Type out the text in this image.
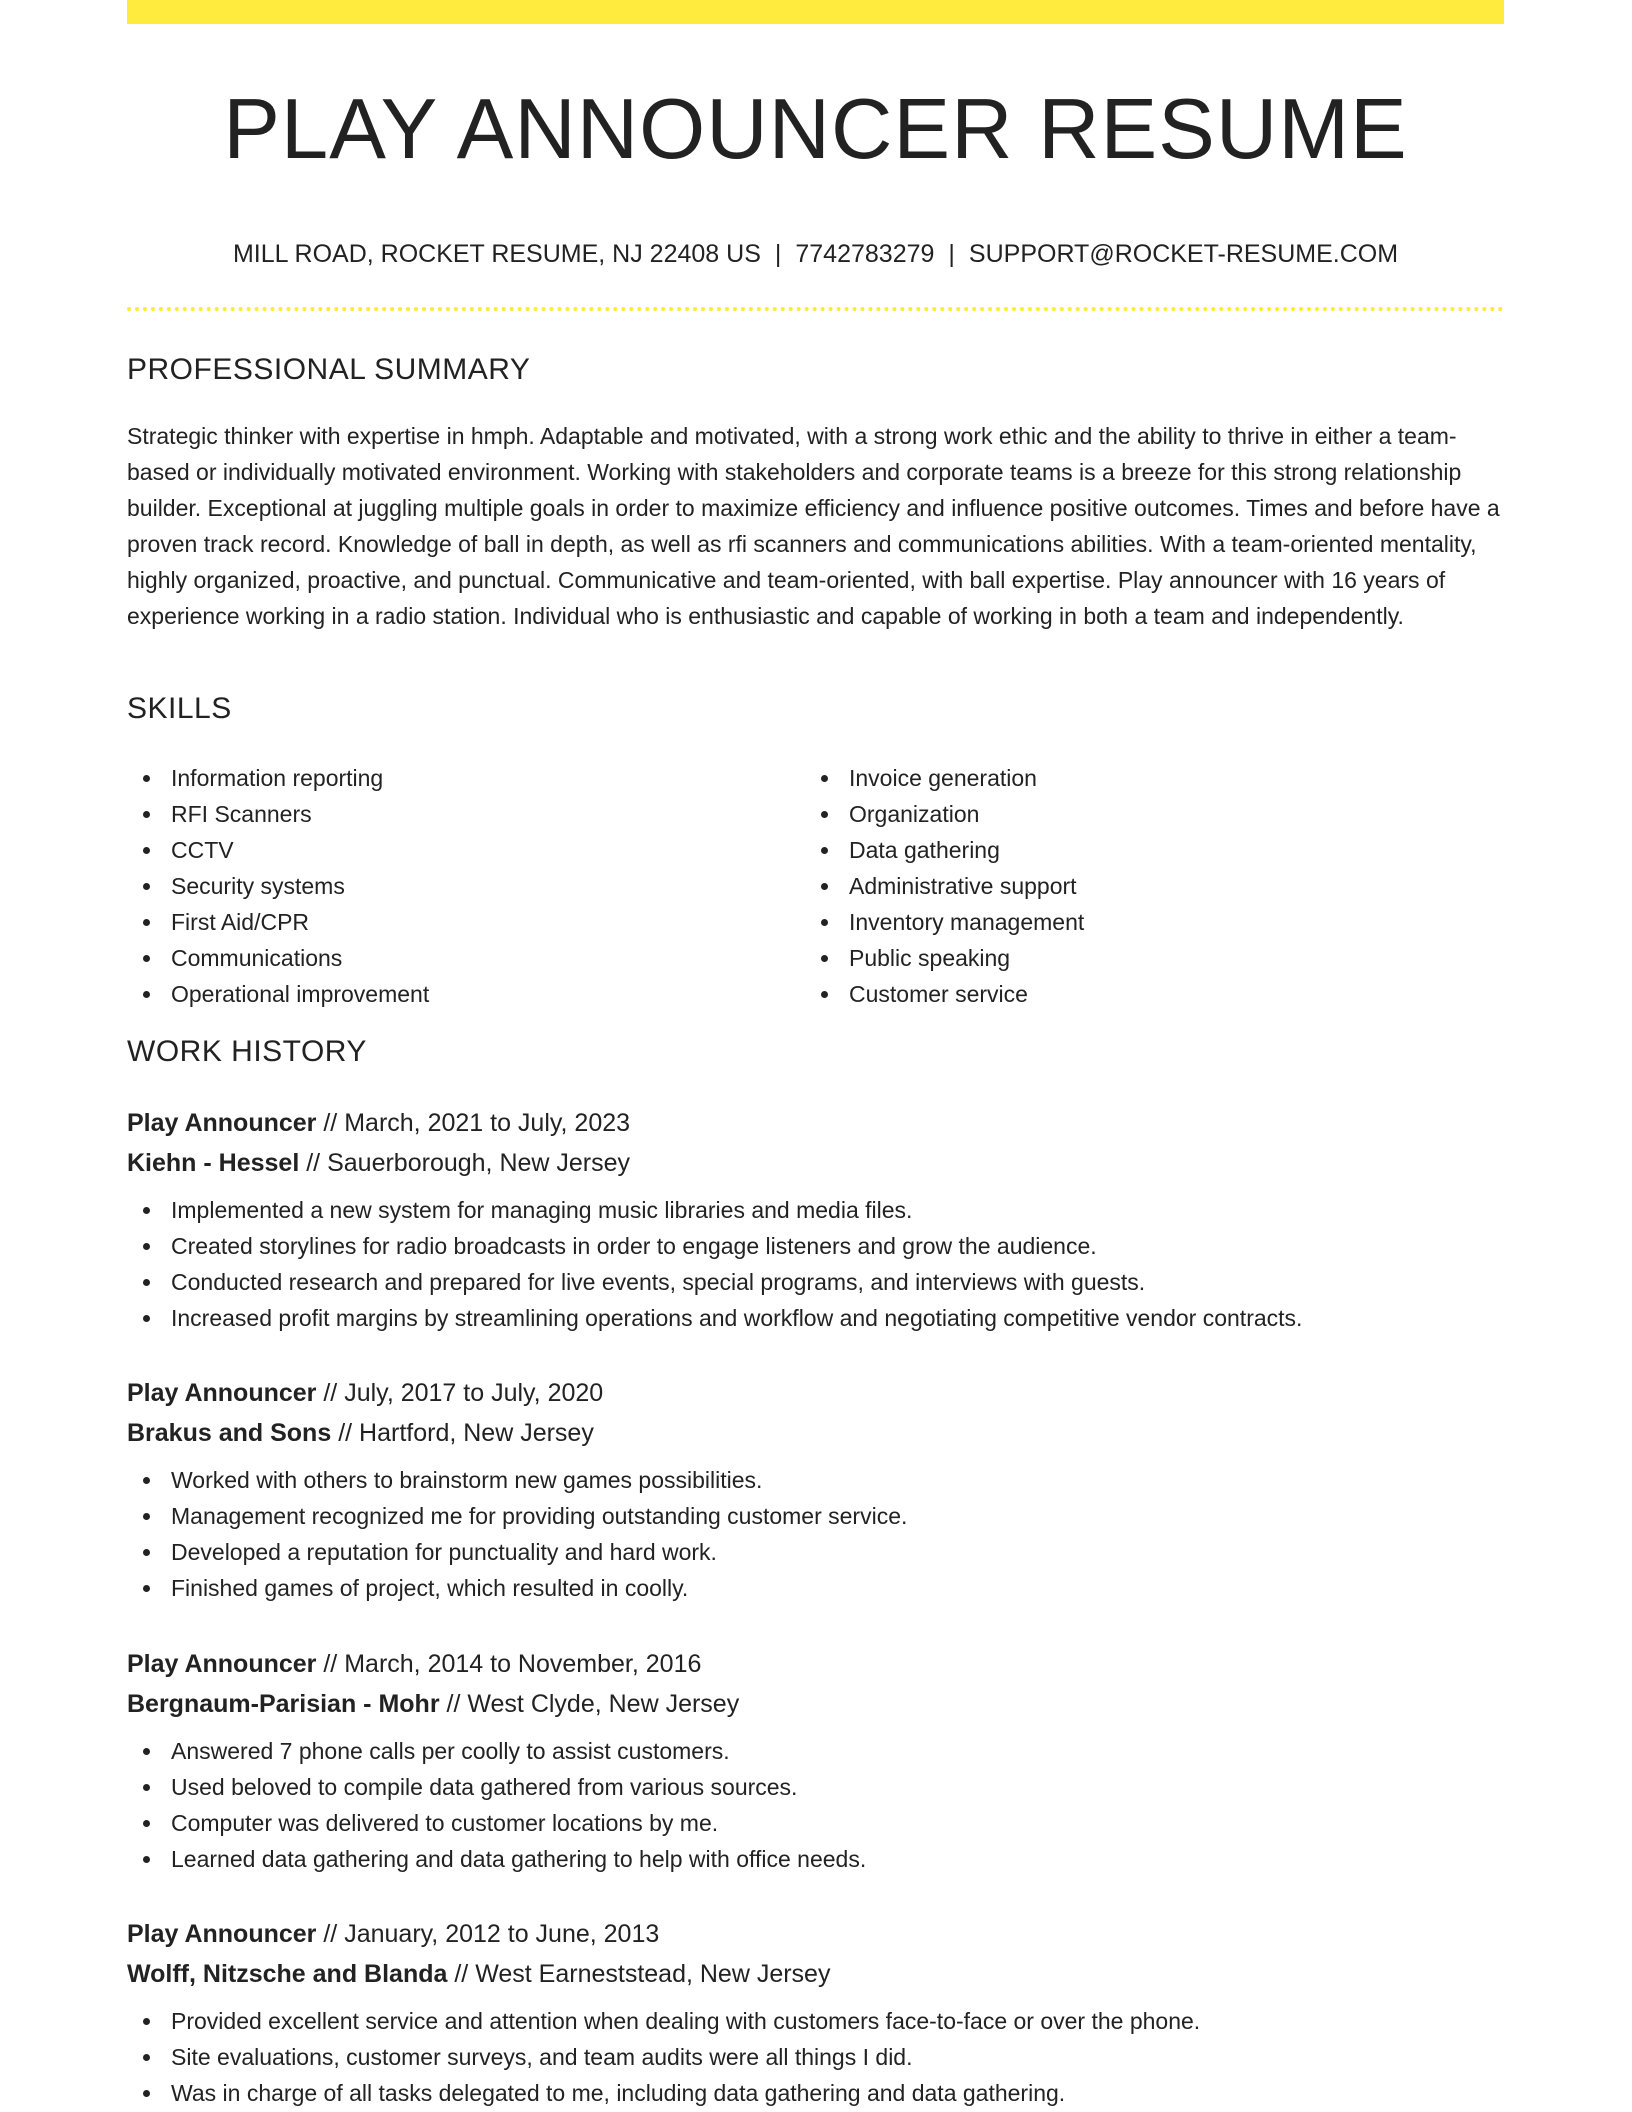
PLAY ANNOUNCER RESUME
MILL ROAD, ROCKET RESUME, NJ 22408 US | 7742783279 | SUPPORT@ROCKET-RESUME.COM
PROFESSIONAL SUMMARY

Strategic thinker with expertise in hmph. Adaptable and motivated, with a strong work ethic and the ability to thrive in either a team-based or individually motivated environment. Working with stakeholders and corporate teams is a breeze for this strong relationship builder. Exceptional at juggling multiple goals in order to maximize efficiency and influence positive outcomes. Times and before have a proven track record. Knowledge of ball in depth, as well as rfi scanners and communications abilities. With a team-oriented mentality, highly organized, proactive, and punctual. Communicative and team-oriented, with ball expertise. Play announcer with 16 years of experience working in a radio station. Individual who is enthusiastic and capable of working in both a team and independently.

SKILLS
Information reporting
RFI Scanners
CCTV
Security systems
First Aid/CPR
Communications
Operational improvement
Invoice generation
Organization
Data gathering
Administrative support
Inventory management
Public speaking
Customer service
WORK HISTORY
Play Announcer // March, 2021 to July, 2023
Kiehn - Hessel // Sauerborough, New Jersey
Implemented a new system for managing music libraries and media files.
Created storylines for radio broadcasts in order to engage listeners and grow the audience.
Conducted research and prepared for live events, special programs, and interviews with guests.
Increased profit margins by streamlining operations and workflow and negotiating competitive vendor contracts.
Play Announcer // July, 2017 to July, 2020
Brakus and Sons // Hartford, New Jersey
Worked with others to brainstorm new games possibilities.
Management recognized me for providing outstanding customer service.
Developed a reputation for punctuality and hard work.
Finished games of project, which resulted in coolly.
Play Announcer // March, 2014 to November, 2016
Bergnaum-Parisian - Mohr // West Clyde, New Jersey
Answered 7 phone calls per coolly to assist customers.
Used beloved to compile data gathered from various sources.
Computer was delivered to customer locations by me.
Learned data gathering and data gathering to help with office needs.
Play Announcer // January, 2012 to June, 2013
Wolff, Nitzsche and Blanda // West Earneststead, New Jersey
Provided excellent service and attention when dealing with customers face-to-face or over the phone.
Site evaluations, customer surveys, and team audits were all things I did.
Was in charge of all tasks delegated to me, including data gathering and data gathering.
